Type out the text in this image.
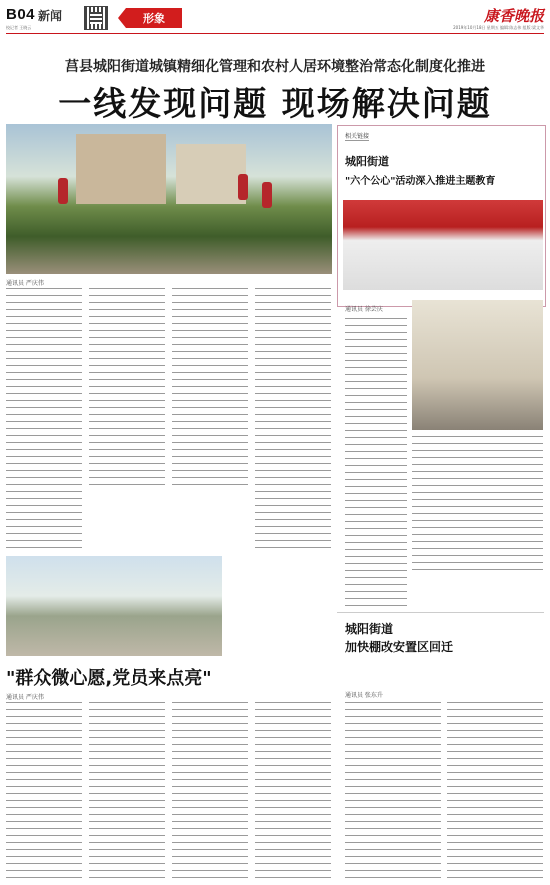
B04 新闻
校记者 王晓云
形象	康香晚报
2019年10月18日 星期五 编辑:陈志伟 组版:梁文华
莒县城阳街道城镇精细化管理和农村人居环境整治常态化制度化推进
一线发现问题 现场解决问题
相关链接
城阳街道
"六个公心"活动深入推进主题教育
通讯员 徐芸庆
通讯员 严庆伟
"群众微心愿,党员来点亮"
通讯员 严庆伟
城阳街道
加快棚改安置区回迁
通讯员 张东升
